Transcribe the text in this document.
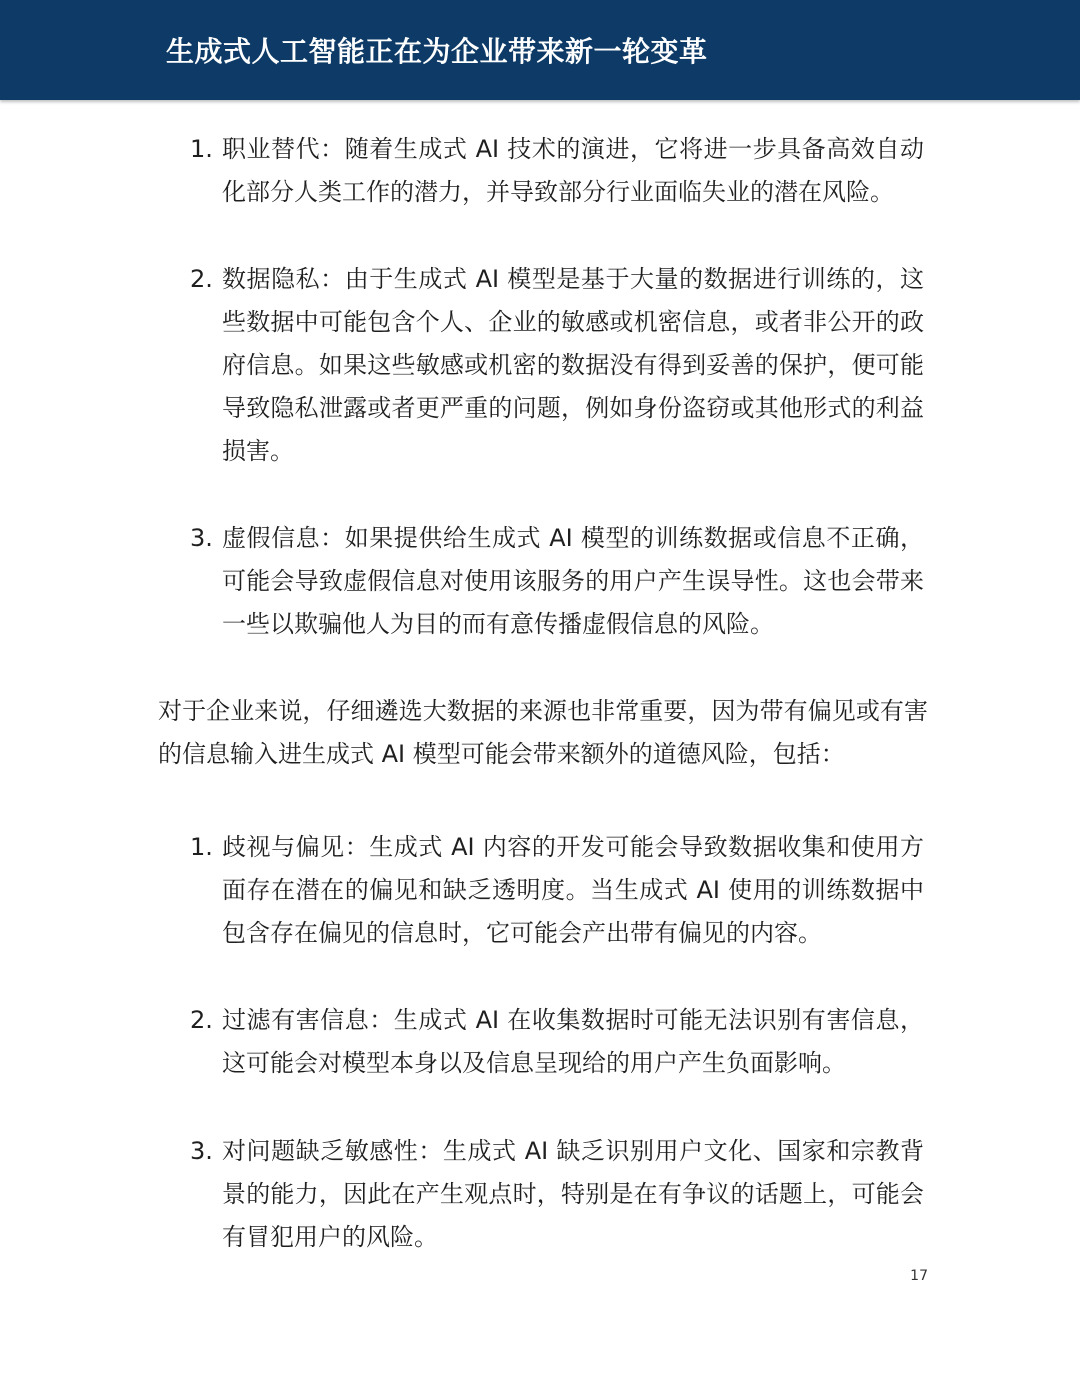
生成式人工智能正在为企业带来新一轮变革
1. 职业替代：随着生成式 AI 技术的演进，它将进一步具备高效自动化部分人类工作的潜力，并导致部分行业面临失业的潜在风险。
2. 数据隐私：由于生成式 AI 模型是基于大量的数据进行训练的，这些数据中可能包含个人、企业的敏感或机密信息，或者非公开的政府信息。如果这些敏感或机密的数据没有得到妥善的保护，便可能导致隐私泄露或者更严重的问题，例如身份盗窃或其他形式的利益损害。
3. 虚假信息：如果提供给生成式 AI 模型的训练数据或信息不正确，可能会导致虚假信息对使用该服务的用户产生误导性。这也会带来一些以欺骗他人为目的而有意传播虚假信息的风险。
对于企业来说，仔细遴选大数据的来源也非常重要，因为带有偏见或有害的信息输入进生成式 AI 模型可能会带来额外的道德风险，包括：
1. 歧视与偏见：生成式 AI 内容的开发可能会导致数据收集和使用方面存在潜在的偏见和缺乏透明度。当生成式 AI 使用的训练数据中包含存在偏见的信息时，它可能会产出带有偏见的内容。
2. 过滤有害信息：生成式 AI 在收集数据时可能无法识别有害信息，这可能会对模型本身以及信息呈现给的用户产生负面影响。
3. 对问题缺乏敏感性：生成式 AI 缺乏识别用户文化、国家和宗教背景的能力，因此在产生观点时，特别是在有争议的话题上，可能会有冒犯用户的风险。
17
